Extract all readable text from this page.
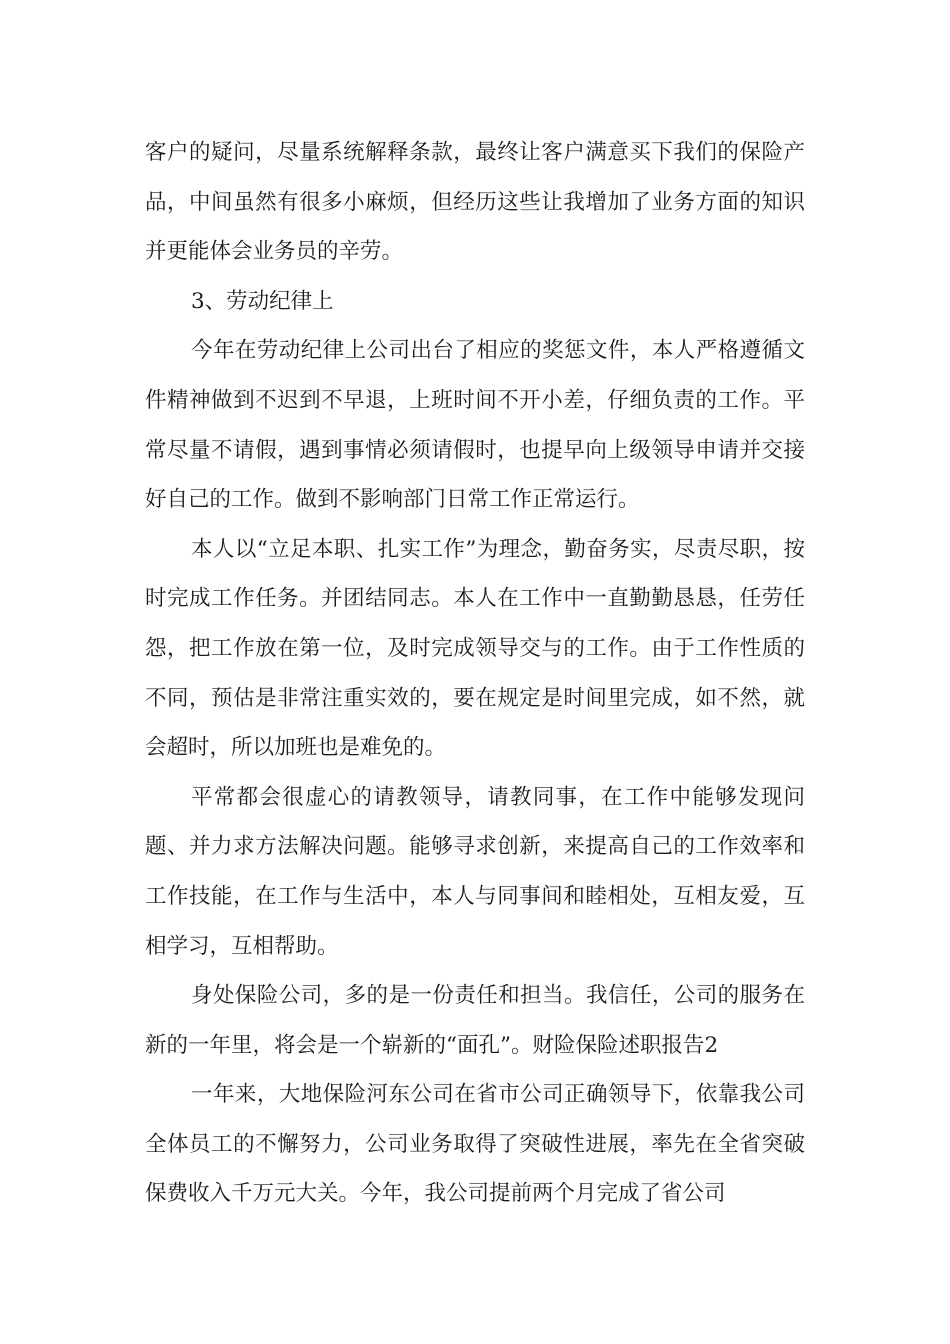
客户的疑问，尽量系统解释条款，最终让客户满意买下我们的保险产品，中间虽然有很多小麻烦，但经历这些让我增加了业务方面的知识并更能体会业务员的辛劳。

3、劳动纪律上

今年在劳动纪律上公司出台了相应的奖惩文件，本人严格遵循文件精神做到不迟到不早退，上班时间不开小差，仔细负责的工作。平常尽量不请假，遇到事情必须请假时，也提早向上级领导申请并交接好自己的工作。做到不影响部门日常工作正常运行。

本人以“立足本职、扎实工作”为理念，勤奋务实，尽责尽职，按时完成工作任务。并团结同志。本人在工作中一直勤勤恳恳，任劳任怨，把工作放在第一位，及时完成领导交与的工作。由于工作性质的不同，预估是非常注重实效的，要在规定是时间里完成，如不然，就会超时，所以加班也是难免的。

平常都会很虚心的请教领导，请教同事，在工作中能够发现问题、并力求方法解决问题。能够寻求创新，来提高自己的工作效率和工作技能，在工作与生活中，本人与同事间和睦相处，互相友爱，互相学习，互相帮助。

身处保险公司，多的是一份责任和担当。我信任，公司的服务在新的一年里，将会是一个崭新的“面孔”。财险保险述职报告2

一年来，大地保险河东公司在省市公司正确领导下，依靠我公司全体员工的不懈努力，公司业务取得了突破性进展，率先在全省突破保费收入千万元大关。今年，我公司提前两个月完成了省公司
